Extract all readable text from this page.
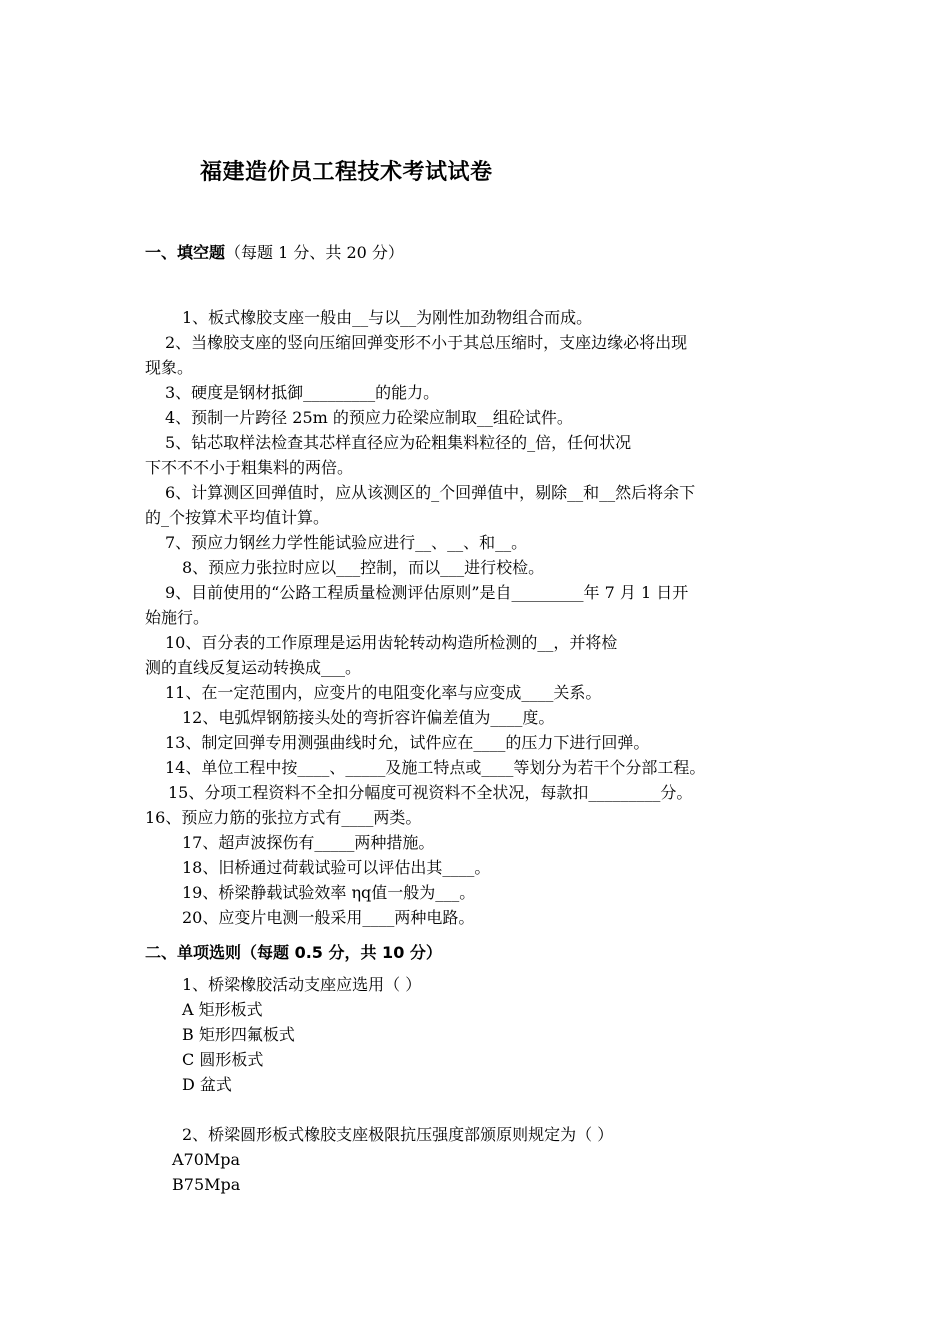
福建造价员工程技术考试试卷
一、填空题（每题 1 分、共 20 分）
1、板式橡胶支座一般由__与以__为刚性加劲物组合而成。
2、当橡胶支座的竖向压缩回弹变形不小于其总压缩时，支座边缘必将出现
现象。
3、硬度是钢材抵御_________的能力。
4、预制一片跨径 25m 的预应力砼梁应制取__组砼试件。
5、钻芯取样法检查其芯样直径应为砼粗集料粒径的_倍，任何状况
下不不不小于粗集料的两倍。
6、计算测区回弹值时，应从该测区的_个回弹值中，剔除__和__然后将余下
的_个按算术平均值计算。
7、预应力钢丝力学性能试验应进行__、__、和__。
8、预应力张拉时应以___控制，而以___进行校检。
9、目前使用的“公路工程质量检测评估原则”是自_________年 7 月 1 日开
始施行。
10、百分表的工作原理是运用齿轮转动构造所检测的__，并将检
测的直线反复运动转换成___。
11、在一定范围内，应变片的电阻变化率与应变成____关系。
12、电弧焊钢筋接头处的弯折容许偏差值为____度。
13、制定回弹专用测强曲线时允，试件应在____的压力下进行回弹。
14、单位工程中按____、_____及施工特点或____等划分为若干个分部工程。
15、分项工程资料不全扣分幅度可视资料不全状况，每款扣_________分。
16、预应力筋的张拉方式有____两类。
17、超声波探伤有_____两种措施。
18、旧桥通过荷载试验可以评估出其____。
19、桥梁静载试验效率 ηq值一般为___。
20、应变片电测一般采用____两种电路。
二、单项选则（每题 0.5 分，共 10 分）
1、桥梁橡胶活动支座应选用（ ）
A 矩形板式
B 矩形四氟板式
C 圆形板式
D 盆式
2、桥梁圆形板式橡胶支座极限抗压强度部颁原则规定为（ ）
A70Mpa
B75Mpa
